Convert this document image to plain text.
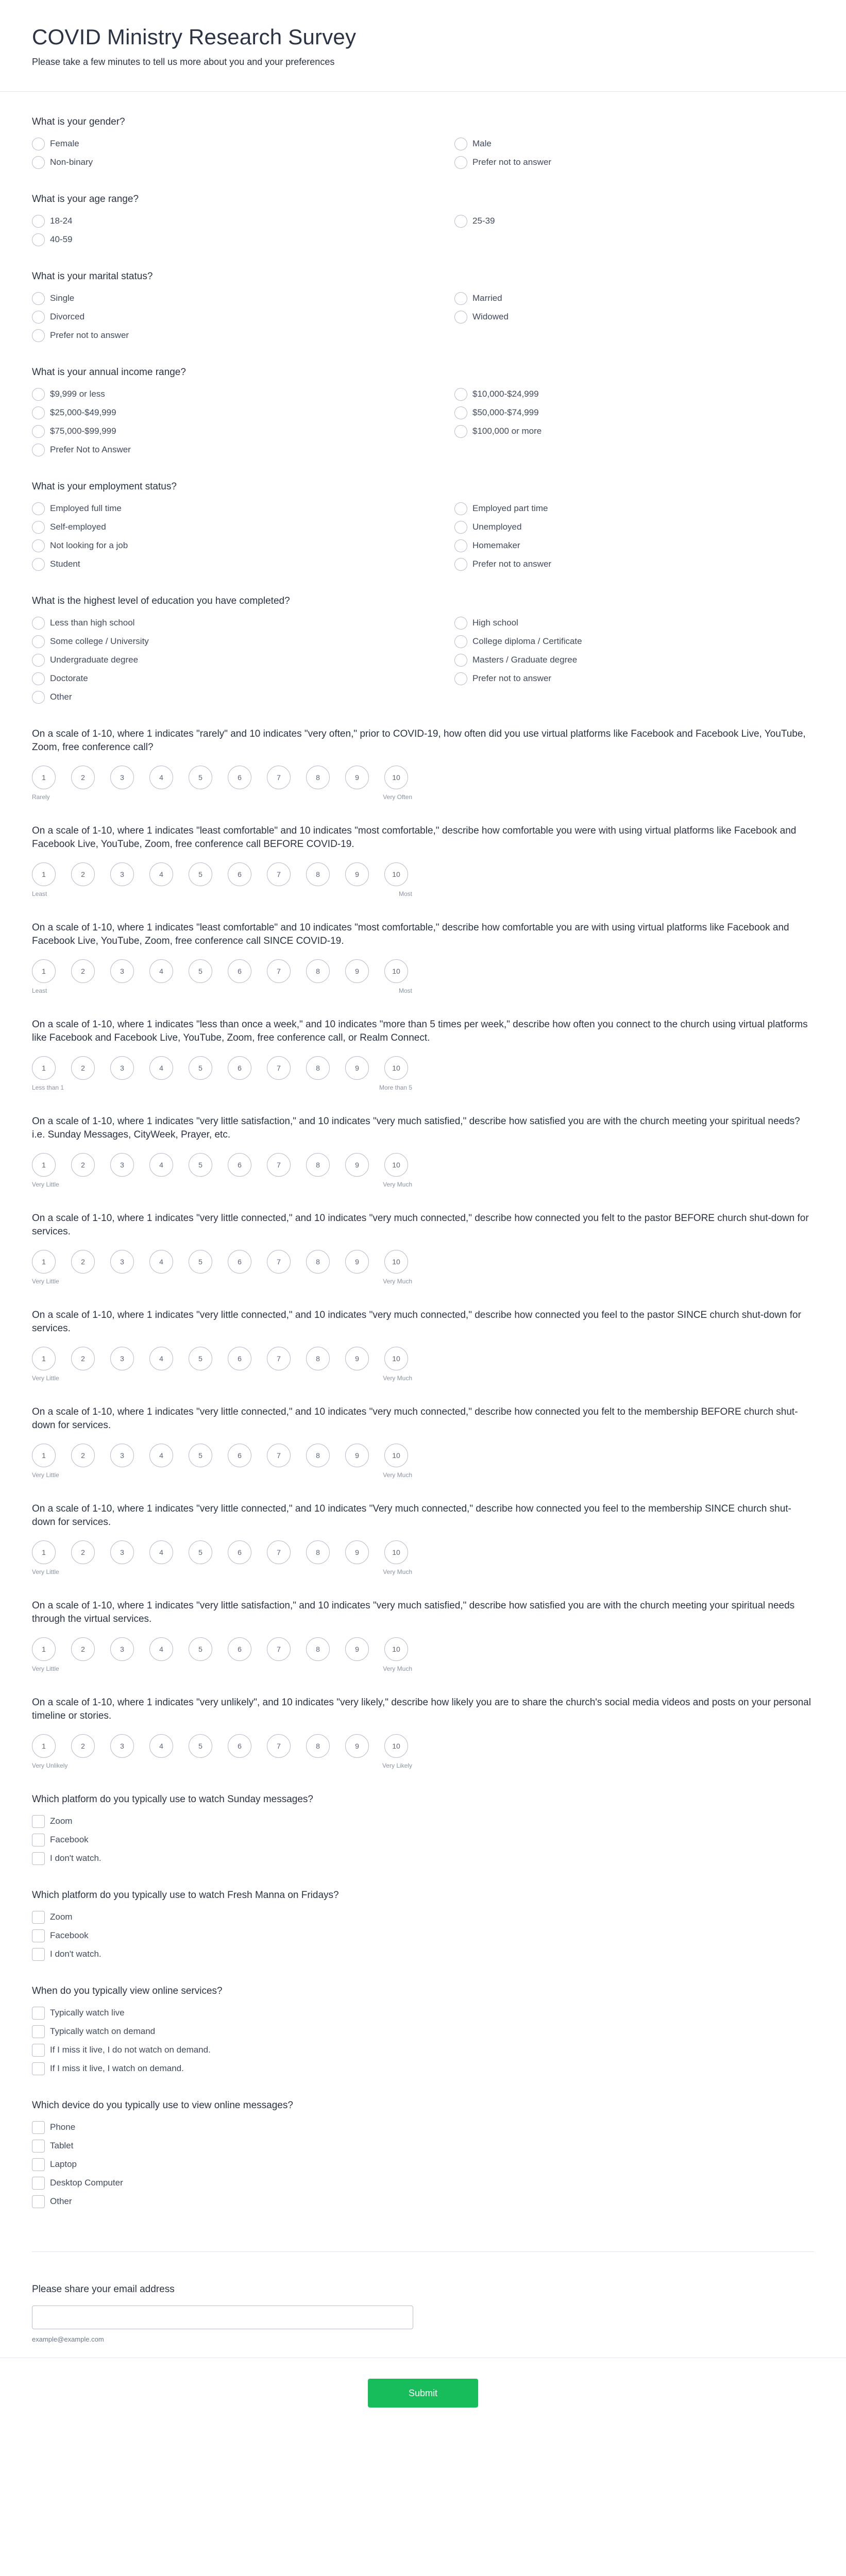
COVID Ministry Research Survey

Please take a few minutes to tell us more about you and your preferences

What is your gender?
Female	Male
Non-binary	Prefer not to answer
What is your age range?
18-24	25-39
40-59
What is your marital status?
Single	Married
Divorced	Widowed
Prefer not to answer
What is your annual income range?
$9,999 or less	$10,000-$24,999
$25,000-$49,999	$50,000-$74,999
$75,000-$99,999	$100,000 or more
Prefer Not to Answer
What is your employment status?
Employed full time	Employed part time
Self-employed	Unemployed
Not looking for a job	Homemaker
Student	Prefer not to answer
What is the highest level of education you have completed?
Less than high school	High school
Some college / University	College diploma / Certificate
Undergraduate degree	Masters / Graduate degree
Doctorate	Prefer not to answer
Other
On a scale of 1-10, where 1 indicates "rarely" and 10 indicates "very often," prior to COVID-19, how often did you use virtual platforms like Facebook and Facebook Live, YouTube, Zoom, free conference call?
1	2	3	4	5	6	7	8	9	10
Rarely	Very Often
On a scale of 1-10, where 1 indicates "least comfortable" and 10 indicates "most comfortable," describe how comfortable you were with using virtual platforms like Facebook and Facebook Live, YouTube, Zoom, free conference call BEFORE COVID-19.
1	2	3	4	5	6	7	8	9	10
Least	Most
On a scale of 1-10, where 1 indicates "least comfortable" and 10 indicates "most comfortable," describe how comfortable you are with using virtual platforms like Facebook and Facebook Live, YouTube, Zoom, free conference call SINCE COVID-19.
1	2	3	4	5	6	7	8	9	10
Least	Most
On a scale of 1-10, where 1 indicates "less than once a week," and 10 indicates "more than 5 times per week," describe how often you connect to the church using virtual platforms like Facebook and Facebook Live, YouTube, Zoom, free conference call, or Realm Connect.
1	2	3	4	5	6	7	8	9	10
Less than 1	More than 5
On a scale of 1-10, where 1 indicates "very little satisfaction," and 10 indicates "very much satisfied," describe how satisfied you are with the church meeting your spiritual needs? i.e. Sunday Messages, CityWeek, Prayer, etc.
1	2	3	4	5	6	7	8	9	10
Very Little	Very Much
On a scale of 1-10, where 1 indicates "very little connected," and 10 indicates "very much connected," describe how connected you felt to the pastor BEFORE church shut-down for services.
1	2	3	4	5	6	7	8	9	10
Very Little	Very Much
On a scale of 1-10, where 1 indicates "very little connected," and 10 indicates "very much connected," describe how connected you feel to the pastor SINCE church shut-down for services.
1	2	3	4	5	6	7	8	9	10
Very Little	Very Much
On a scale of 1-10, where 1 indicates "very little connected," and 10 indicates "very much connected," describe how connected you felt to the membership BEFORE church shut-down for services.
1	2	3	4	5	6	7	8	9	10
Very Little	Very Much
On a scale of 1-10, where 1 indicates "very little connected," and 10 indicates "Very much connected," describe how connected you feel to the membership SINCE church shut-down for services.
1	2	3	4	5	6	7	8	9	10
Very Little	Very Much
On a scale of 1-10, where 1 indicates "very little satisfaction," and 10 indicates "very much satisfied," describe how satisfied you are with the church meeting your spiritual needs through the virtual services.
1	2	3	4	5	6	7	8	9	10
Very Little	Very Much
On a scale of 1-10, where 1 indicates "very unlikely", and 10 indicates "very likely," describe how likely you are to share the church's social media videos and posts on your personal timeline or stories.
1	2	3	4	5	6	7	8	9	10
Very Unlikely	Very Likely
Which platform do you typically use to watch Sunday messages?
Zoom
Facebook
I don't watch.
Which platform do you typically use to watch Fresh Manna on Fridays?
Zoom
Facebook
I don't watch.
When do you typically view online services?
Typically watch live
Typically watch on demand
If I miss it live, I do not watch on demand.
If I miss it live, I watch on demand.
Which device do you typically use to view online messages?
Phone
Tablet
Laptop
Desktop Computer
Other
Please share your email address
example@example.com
Submit
